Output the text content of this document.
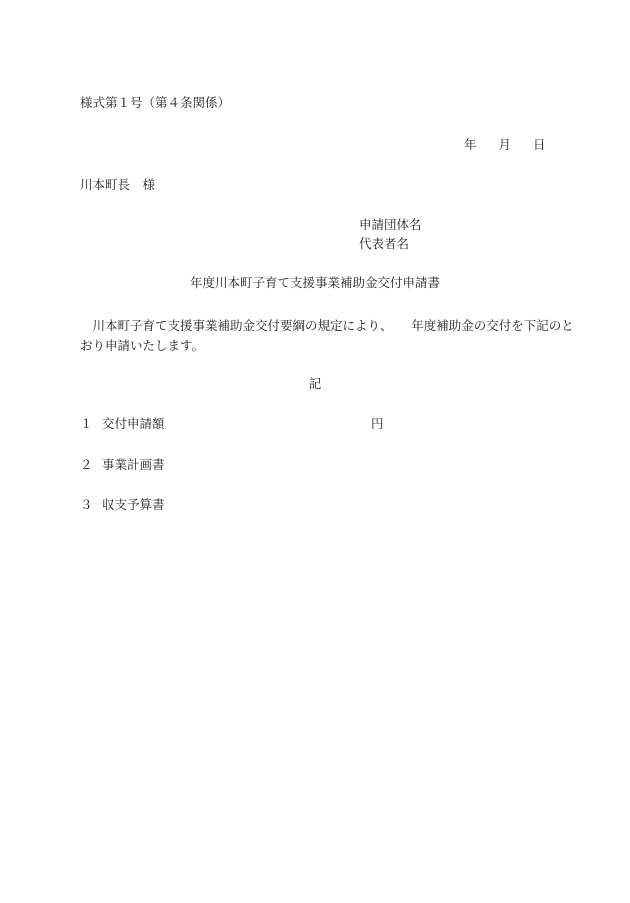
様式第１号（第４条関係）
年 月 日
川本町長　様
申請団体名
代表者名
年度川本町子育て支援事業補助金交付申請書
　川本町子育て支援事業補助金交付要綱の規定により、　　年度補助金の交付を下記のと
おり申請いたします。
記
１ 交付申請額	円
２ 事業計画書
３ 収支予算書
